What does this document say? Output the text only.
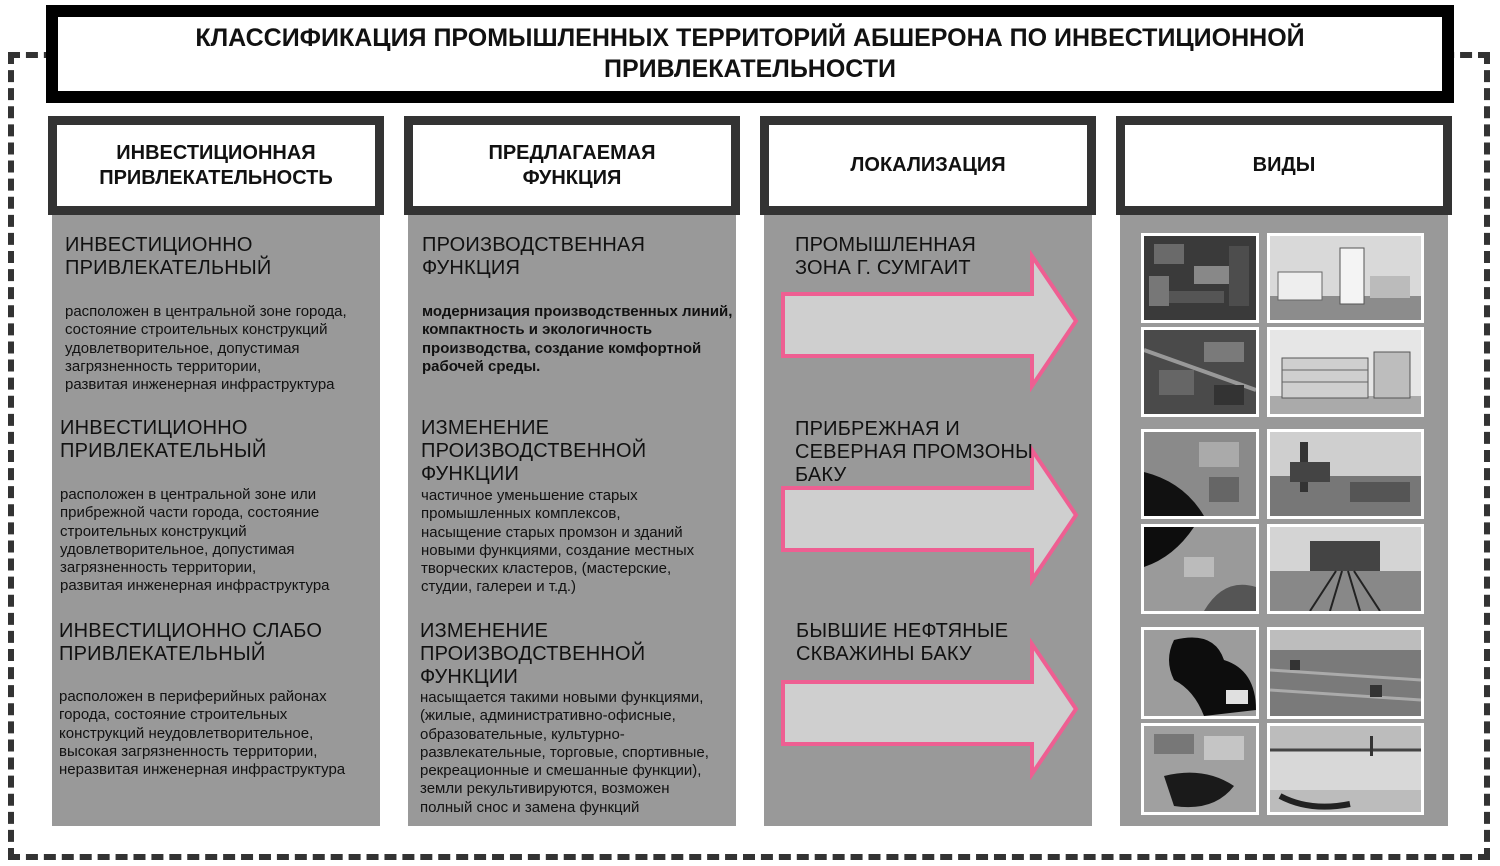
КЛАССИФИКАЦИЯ ПРОМЫШЛЕННЫХ ТЕРРИТОРИЙ АБШЕРОНА ПО ИНВЕСТИЦИОННОЙ
ПРИВЛЕКАТЕЛЬНОСТИ
ИНВЕСТИЦИОННАЯ
ПРИВЛЕКАТЕЛЬНОСТЬ
ПРЕДЛАГАЕМАЯ
ФУНКЦИЯ
ЛОКАЛИЗАЦИЯ	ВИДЫ
ИНВЕСТИЦИОННО
ПРИВЛЕКАТЕЛЬНЫЙ
расположен в центральной зоне города,
состояние строительных конструкций
удовлетворительное, допустимая
загрязненность территории,
развитая инженерная инфраструктура
ИНВЕСТИЦИОННО
ПРИВЛЕКАТЕЛЬНЫЙ
расположен в центральной зоне или
прибрежной части города, состояние
строительных конструкций
удовлетворительное, допустимая
загрязненность территории,
развитая инженерная инфраструктура
ИНВЕСТИЦИОННО СЛАБО
ПРИВЛЕКАТЕЛЬНЫЙ
расположен в периферийных районах
города, состояние строительных
конструкций неудовлетворительное,
высокая загрязненность территории,
неразвитая инженерная инфраструктура
ПРОИЗВОДСТВЕННАЯ
ФУНКЦИЯ
модернизация производственных линий,
компактность и экологичность
производства, создание комфортной
рабочей среды.
ИЗМЕНЕНИЕ
ПРОИЗВОДСТВЕННОЙ
ФУНКЦИИ
частичное уменьшение старых
промышленных комплексов,
насыщение старых промзон и зданий
новыми функциями, создание местных
творческих кластеров, (мастерские,
студии, галереи и т.д.)
ИЗМЕНЕНИЕ
ПРОИЗВОДСТВЕННОЙ
ФУНКЦИИ
насыщается такими новыми функциями,
(жилые, административно-офисные,
образовательные, культурно-
развлекательные, торговые, спортивные,
рекреационные и смешанные функции),
земли рекультивируются, возможен
полный снос и замена функций
ПРОМЫШЛЕННАЯ
ЗОНА Г. СУМГАИТ
ПРИБРЕЖНАЯ И
СЕВЕРНАЯ ПРОМЗОНЫ
БАКУ
БЫВШИЕ НЕФТЯНЫЕ
СКВАЖИНЫ БАКУ
